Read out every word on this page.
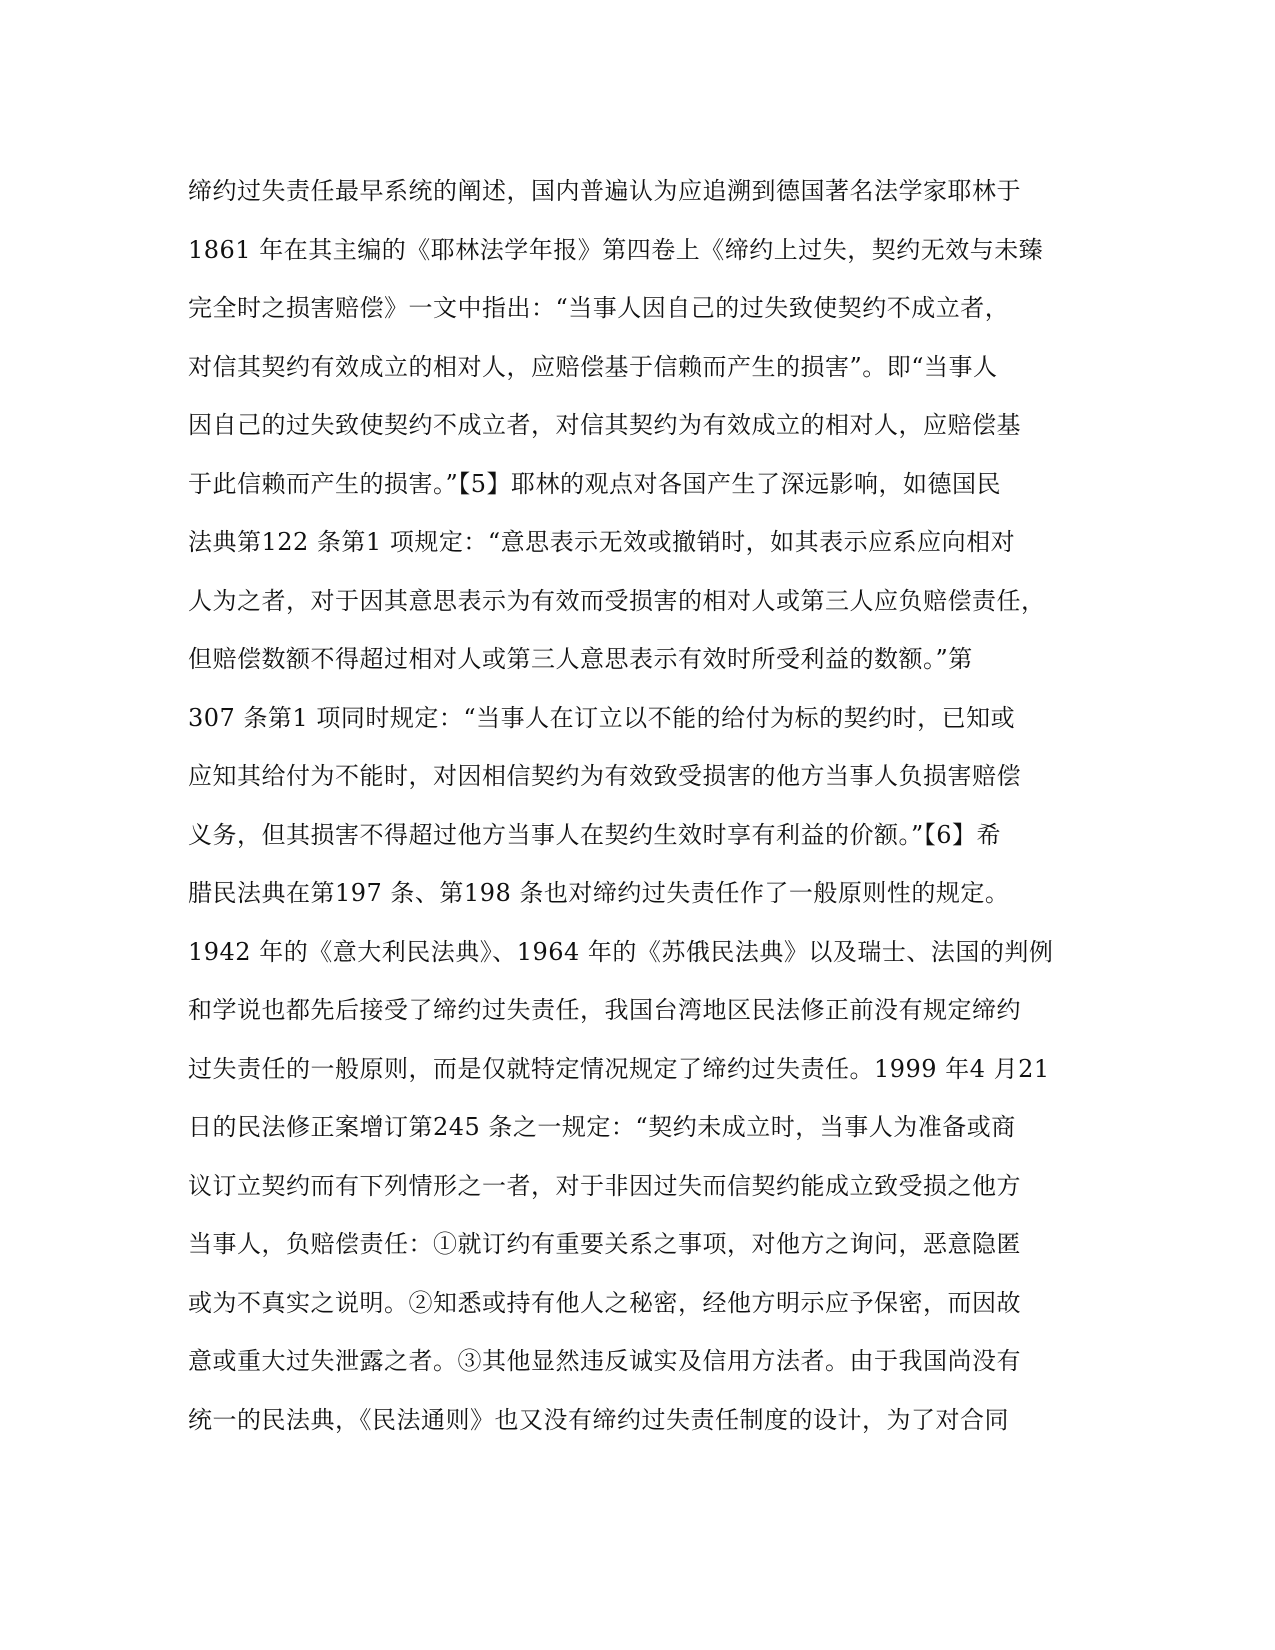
缔约过失责任最早系统的阐述，国内普遍认为应追溯到德国著名法学家耶林于
1861 年在其主编的《耶林法学年报》第四卷上《缔约上过失，契约无效与未臻
完全时之损害赔偿》一文中指出：“当事人因自己的过失致使契约不成立者，
对信其契约有效成立的相对人，应赔偿基于信赖而产生的损害”。即“当事人
因自己的过失致使契约不成立者，对信其契约为有效成立的相对人，应赔偿基
于此信赖而产生的损害。”【5】耶林的观点对各国产生了深远影响，如德国民
法典第122 条第1 项规定：“意思表示无效或撤销时，如其表示应系应向相对
人为之者，对于因其意思表示为有效而受损害的相对人或第三人应负赔偿责任，
但赔偿数额不得超过相对人或第三人意思表示有效时所受利益的数额。”第
307 条第1 项同时规定：“当事人在订立以不能的给付为标的契约时，已知或
应知其给付为不能时，对因相信契约为有效致受损害的他方当事人负损害赔偿
义务，但其损害不得超过他方当事人在契约生效时享有利益的价额。”【6】希
腊民法典在第197 条、第198 条也对缔约过失责任作了一般原则性的规定。
1942 年的《意大利民法典》、1964 年的《苏俄民法典》以及瑞士、法国的判例
和学说也都先后接受了缔约过失责任，我国台湾地区民法修正前没有规定缔约
过失责任的一般原则，而是仅就特定情况规定了缔约过失责任。1999 年4 月21
日的民法修正案增订第245 条之一规定：“契约未成立时，当事人为准备或商
议订立契约而有下列情形之一者，对于非因过失而信契约能成立致受损之他方
当事人，负赔偿责任：①就订约有重要关系之事项，对他方之询问，恶意隐匿
或为不真实之说明。②知悉或持有他人之秘密，经他方明示应予保密，而因故
意或重大过失泄露之者。③其他显然违反诚实及信用方法者。由于我国尚没有
统一的民法典，《民法通则》也又没有缔约过失责任制度的设计，为了对合同
